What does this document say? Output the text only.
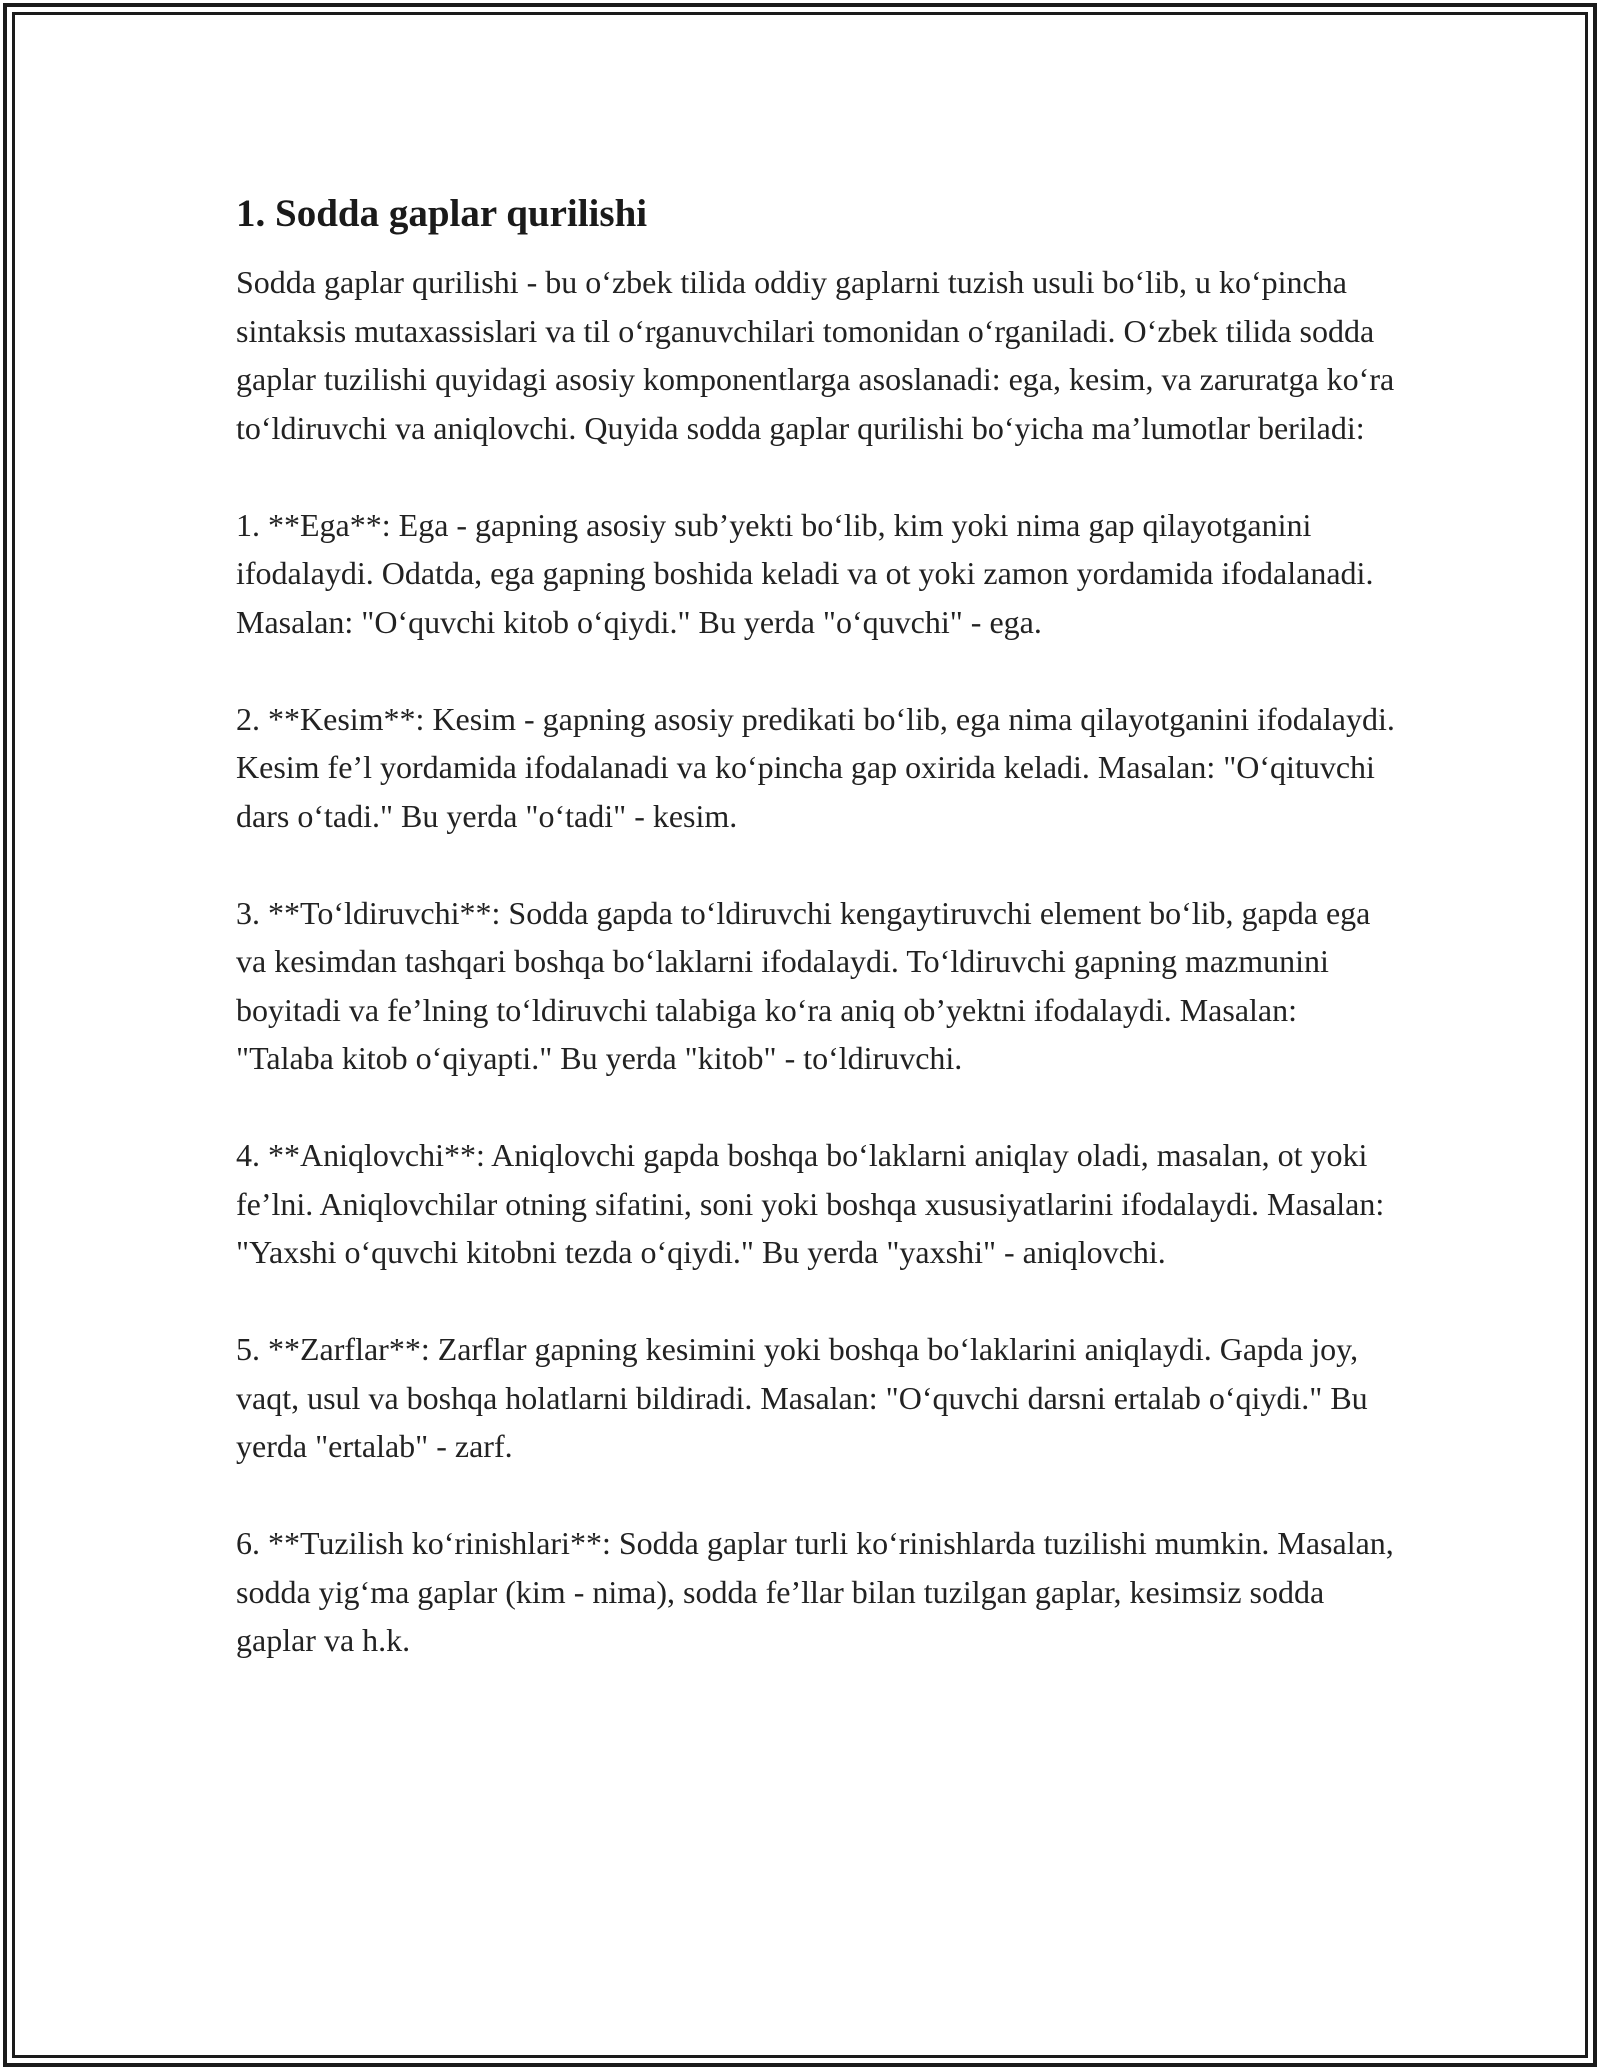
1. Sodda gaplar qurilishi

Sodda gaplar qurilishi - bu o‘zbek tilida oddiy gaplarni tuzish usuli bo‘lib, u ko‘pincha sintaksis mutaxassislari va til o‘rganuvchilari tomonidan o‘rganiladi. O‘zbek tilida sodda gaplar tuzilishi quyidagi asosiy komponentlarga asoslanadi: ega, kesim, va zaruratga ko‘ra to‘ldiruvchi va aniqlovchi. Quyida sodda gaplar qurilishi bo‘yicha ma’lumotlar beriladi:

1. **Ega**: Ega - gapning asosiy sub’yekti bo‘lib, kim yoki nima gap qilayotganini ifodalaydi. Odatda, ega gapning boshida keladi va ot yoki zamon yordamida ifodalanadi. Masalan: "O‘quvchi kitob o‘qiydi." Bu yerda "o‘quvchi" - ega.

2. **Kesim**: Kesim - gapning asosiy predikati bo‘lib, ega nima qilayotganini ifodalaydi. Kesim fe’l yordamida ifodalanadi va ko‘pincha gap oxirida keladi. Masalan: "O‘qituvchi dars o‘tadi." Bu yerda "o‘tadi" - kesim.

3. **To‘ldiruvchi**: Sodda gapda to‘ldiruvchi kengaytiruvchi element bo‘lib, gapda ega va kesimdan tashqari boshqa bo‘laklarni ifodalaydi. To‘ldiruvchi gapning mazmunini boyitadi va fe’lning to‘ldiruvchi talabiga ko‘ra aniq ob’yektni ifodalaydi. Masalan: "Talaba kitob o‘qiyapti." Bu yerda "kitob" - to‘ldiruvchi.

4. **Aniqlovchi**: Aniqlovchi gapda boshqa bo‘laklarni aniqlay oladi, masalan, ot yoki fe’lni. Aniqlovchilar otning sifatini, soni yoki boshqa xususiyatlarini ifodalaydi. Masalan: "Yaxshi o‘quvchi kitobni tezda o‘qiydi." Bu yerda "yaxshi" - aniqlovchi.

5. **Zarflar**: Zarflar gapning kesimini yoki boshqa bo‘laklarini aniqlaydi. Gapda joy, vaqt, usul va boshqa holatlarni bildiradi. Masalan: "O‘quvchi darsni ertalab o‘qiydi." Bu yerda "ertalab" - zarf.

6. **Tuzilish ko‘rinishlari**: Sodda gaplar turli ko‘rinishlarda tuzilishi mumkin. Masalan, sodda yig‘ma gaplar (kim - nima), sodda fe’llar bilan tuzilgan gaplar, kesimsiz sodda gaplar va h.k.
